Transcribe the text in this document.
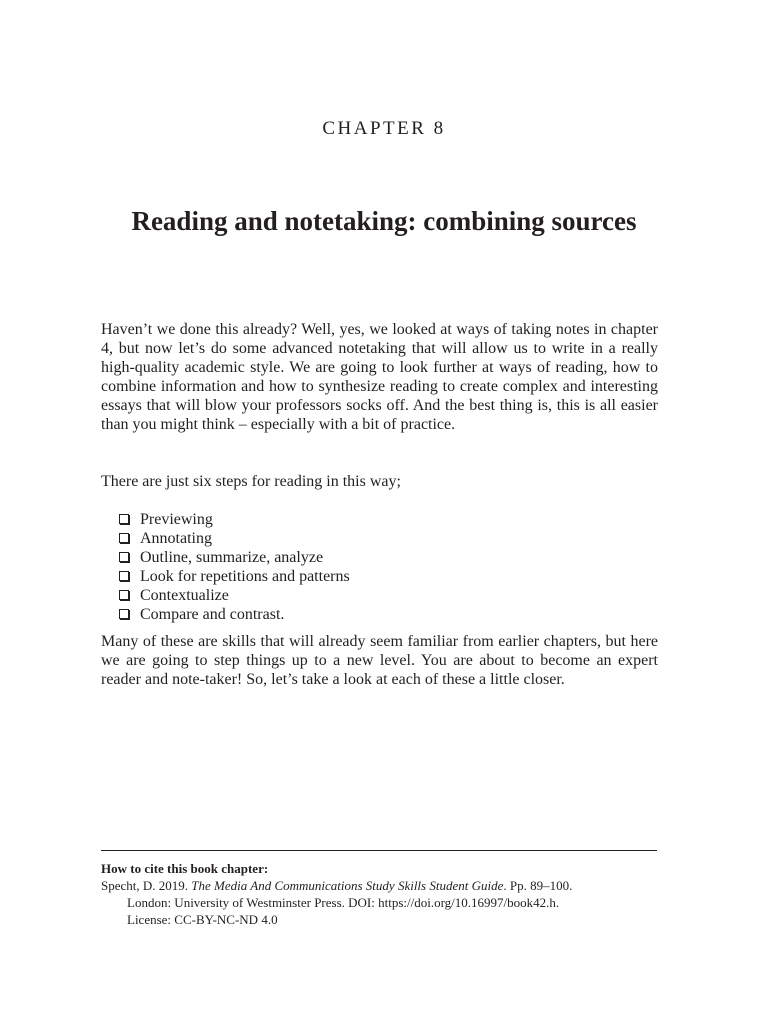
CHAPTER 8
Reading and notetaking: combining sources

Haven’t we done this already? Well, yes, we looked at ways of taking notes in chapter 4, but now let’s do some advanced notetaking that will allow us to write in a really high-quality academic style. We are going to look further at ways of reading, how to combine information and how to synthesize reading to create complex and interesting essays that will blow your professors socks off. And the best thing is, this is all easier than you might think – especially with a bit of practice.

There are just six steps for reading in this way;

Previewing
Annotating
Outline, summarize, analyze
Look for repetitions and patterns
Contextualize
Compare and contrast.

Many of these are skills that will already seem familiar from earlier chapters, but here we are going to step things up to a new level. You are about to become an expert reader and note-taker! So, let’s take a look at each of these a little closer.

How to cite this book chapter:
Specht, D. 2019. The Media And Communications Study Skills Student Guide. Pp. 89–100.
London: University of Westminster Press. DOI: https://doi.org/10.16997/book42.h.
License: CC-BY-NC-ND 4.0
